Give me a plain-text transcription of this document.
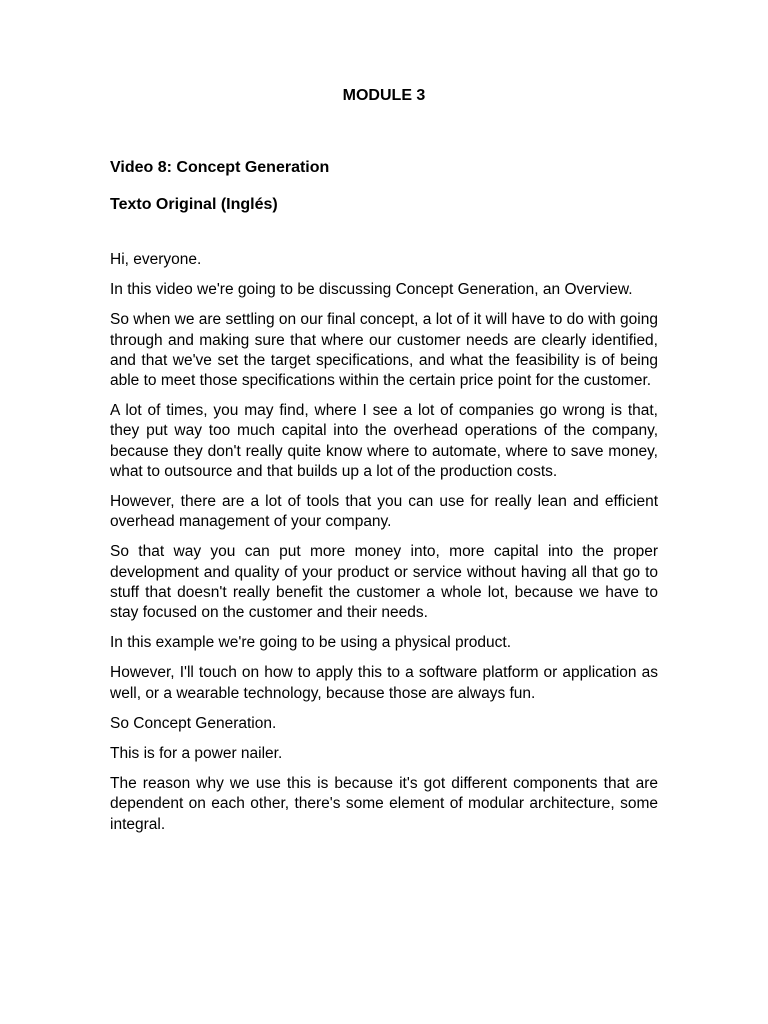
MODULE 3
Video 8: Concept Generation
Texto Original (Inglés)

Hi, everyone.

In this video we're going to be discussing Concept Generation, an Overview.

So when we are settling on our final concept, a lot of it will have to do with going through and making sure that where our customer needs are clearly identified, and that we've set the target specifications, and what the feasibility is of being able to meet those specifications within the certain price point for the customer.

A lot of times, you may find, where I see a lot of companies go wrong is that, they put way too much capital into the overhead operations of the company, because they don't really quite know where to automate, where to save money, what to outsource and that builds up a lot of the production costs.

However, there are a lot of tools that you can use for really lean and efficient overhead management of your company.

So that way you can put more money into, more capital into the proper development and quality of your product or service without having all that go to stuff that doesn't really benefit the customer a whole lot, because we have to stay focused on the customer and their needs.

In this example we're going to be using a physical product.

However, I'll touch on how to apply this to a software platform or application as well, or a wearable technology, because those are always fun.

So Concept Generation.

This is for a power nailer.

The reason why we use this is because it's got different components that are dependent on each other, there's some element of modular architecture, some integral.
